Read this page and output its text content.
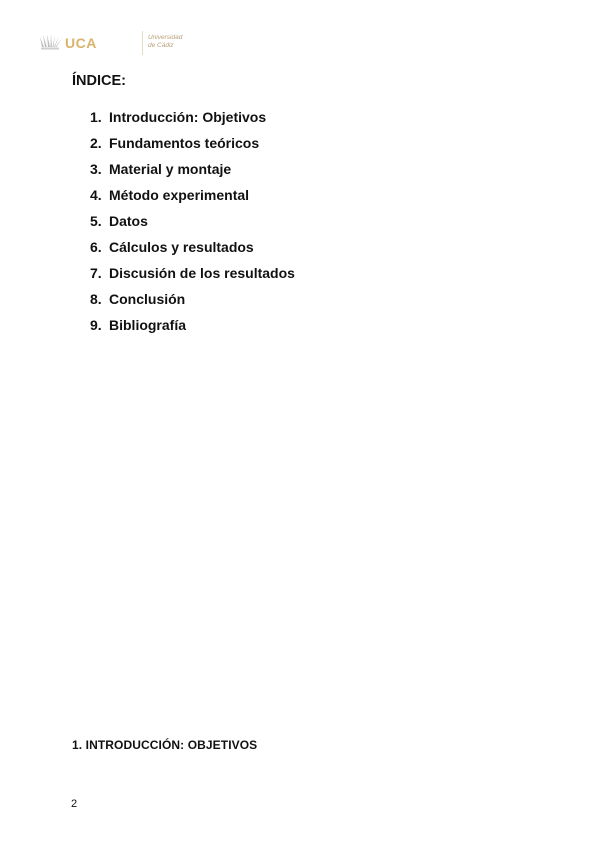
UCA	Universidad
de Cádiz
ÍNDICE:
1. Introducción: Objetivos
2. Fundamentos teóricos
3. Material y montaje
4. Método experimental
5. Datos
6. Cálculos y resultados
7. Discusión de los resultados
8. Conclusión
9. Bibliografía
1. INTRODUCCIÓN: OBJETIVOS
2
